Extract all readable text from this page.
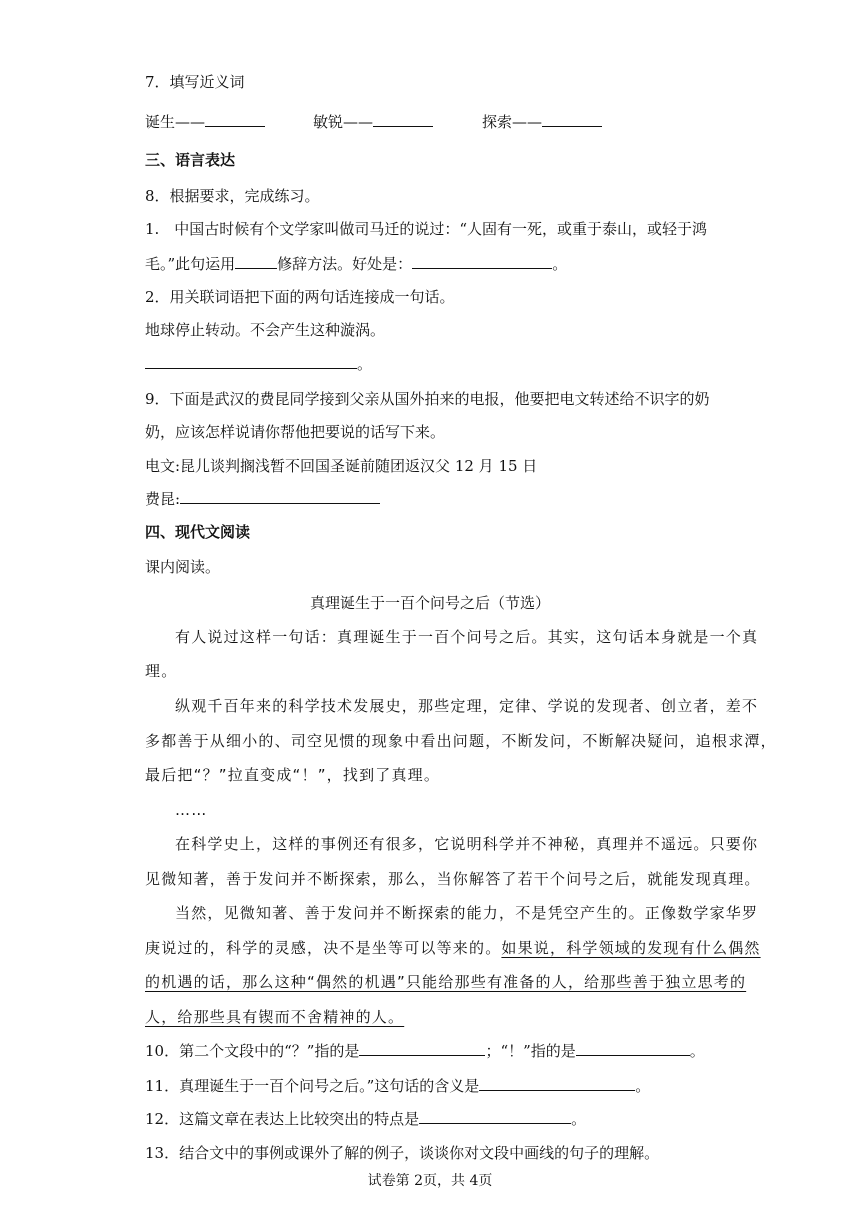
7．填写近义词
诞生——	敏锐——	探索——
三、语言表达
8．根据要求，完成练习。
1.　中国古时候有个文学家叫做司马迁的说过：“人固有一死，或重于泰山，或轻于鸿
毛。”此句运用	修辞方法。好处是：	。
2．用关联词语把下面的两句话连接成一句话。
地球停止转动。不会产生这种漩涡。
。
9．下面是武汉的费昆同学接到父亲从国外拍来的电报，他要把电文转述给不识字的奶
奶，应该怎样说请你帮他把要说的话写下来。
电文:昆儿谈判搁浅暂不回国圣诞前随团返汉父 12 月 15 日
费昆:
四、现代文阅读
课内阅读。
真理诞生于一百个问号之后（节选）
有人说过这样一句话：真理诞生于一百个问号之后。其实，这句话本身就是一个真
理。
纵观千百年来的科学技术发展史，那些定理，定律、学说的发现者、创立者，差不
多都善于从细小的、司空见惯的现象中看出问题，不断发问，不断解决疑问，追根求潭，
最后把“？”拉直变成“！”，找到了真理。
……
在科学史上，这样的事例还有很多，它说明科学并不神秘，真理并不遥远。只要你
见微知著，善于发问并不断探索，那么，当你解答了若干个问号之后，就能发现真理。
当然，见微知著、善于发问并不断探索的能力，不是凭空产生的。正像数学家华罗
庚说过的，科学的灵感，决不是坐等可以等来的。如果说，科学领域的发现有什么偶然
的机遇的话，那么这种“偶然的机遇”只能给那些有准备的人，给那些善于独立思考的
人，给那些具有锲而不舍精神的人。
10．第二个文段中的“？”指的是	；“！”指的是	。
11．真理诞生于一百个问号之后。”这句话的含义是	。
12．这篇文章在表达上比较突出的特点是	。
13．结合文中的事例或课外了解的例子，谈谈你对文段中画线的句子的理解。
试卷第 2页，共 4页
